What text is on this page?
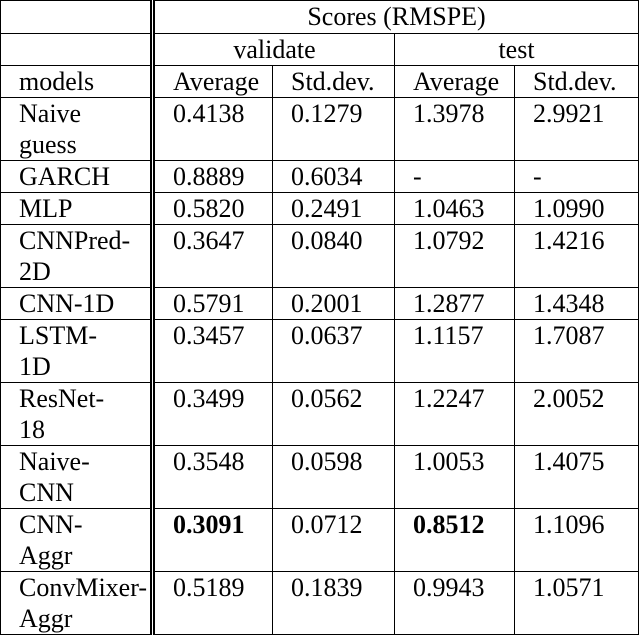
	Scores (RMSPE)			
	validate		test	
models	Average	Std.dev.	Average	Std.dev.

Naive
guess	0.4138	0.1279	1.3978	2.9921

GARCH	0.8889	0.6034	-	-

MLP	0.5820	0.2491	1.0463	1.0990

CNNPred-
2D	0.3647	0.0840	1.0792	1.4216

CNN-1D	0.5791	0.2001	1.2877	1.4348

LSTM-
1D	0.3457	0.0637	1.1157	1.7087

ResNet-
18	0.3499	0.0562	1.2247	2.0052

Naive-
CNN	0.3548	0.0598	1.0053	1.4075

CNN-
Aggr	0.3091	0.0712	0.8512	1.1096

ConvMixer-
Aggr	0.5189	0.1839	0.9943	1.0571
